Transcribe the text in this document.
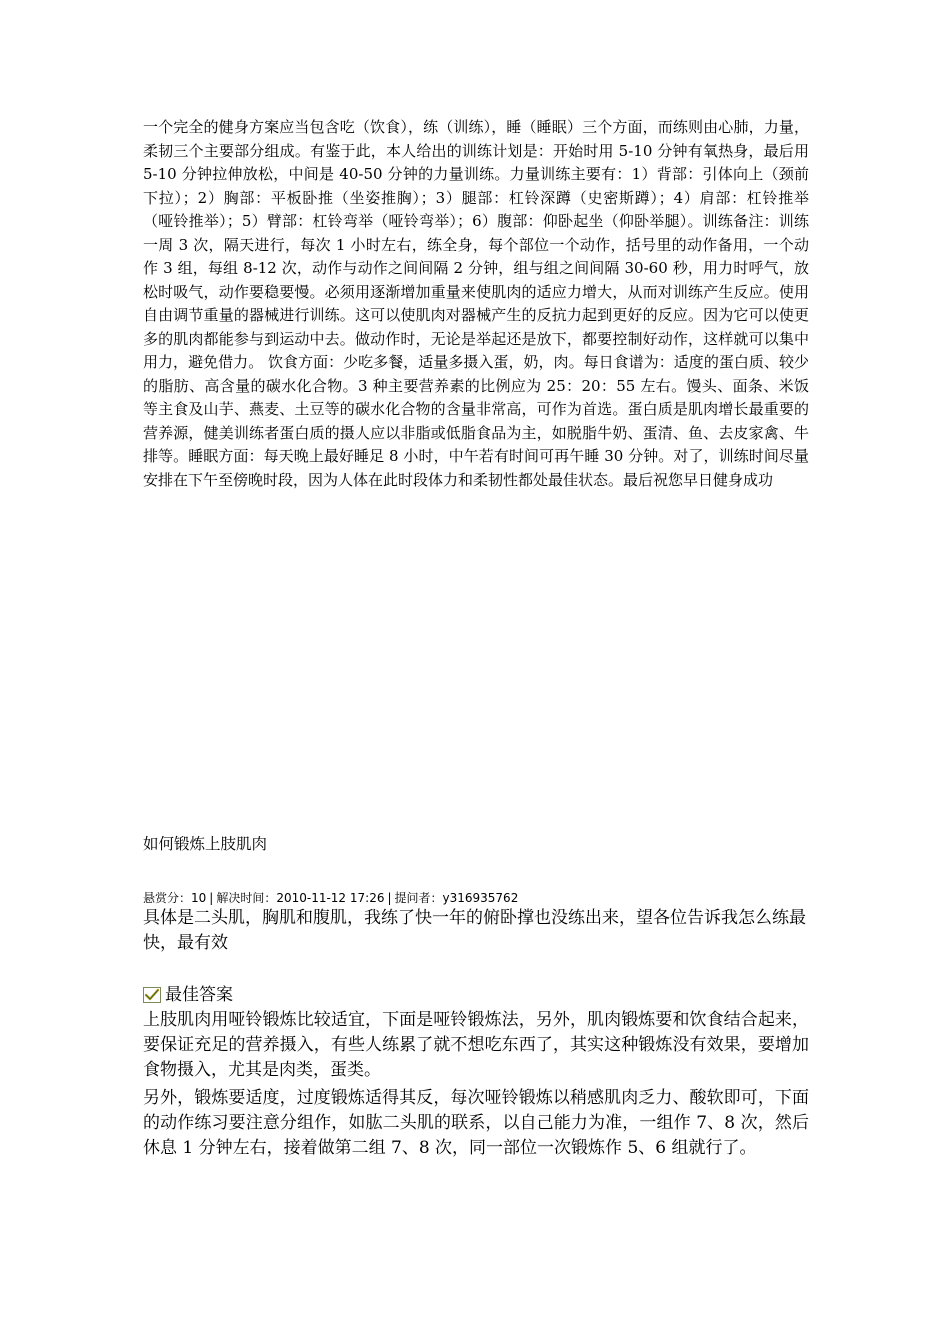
一个完全的健身方案应当包含吃（饮食），练（训练），睡（睡眠）三个方面，而练则由心肺，力量，柔韧三个主要部分组成。有鉴于此，本人给出的训练计划是：开始时用 5-10 分钟有氧热身，最后用 5-10 分钟拉伸放松，中间是 40-50 分钟的力量训练。力量训练主要有：1）背部：引体向上（颈前下拉）；2）胸部：平板卧推（坐姿推胸）；3）腿部：杠铃深蹲（史密斯蹲）；4）肩部：杠铃推举（哑铃推举）；5）臂部：杠铃弯举（哑铃弯举）；6）腹部：仰卧起坐（仰卧举腿）。训练备注：训练一周 3 次，隔天进行，每次 1 小时左右，练全身，每个部位一个动作，括号里的动作备用，一个动作 3 组，每组 8-12 次，动作与动作之间间隔 2 分钟，组与组之间间隔 30-60 秒，用力时呼气，放松时吸气，动作要稳要慢。必须用逐渐增加重量来使肌肉的适应力增大，从而对训练产生反应。使用自由调节重量的器械进行训练。这可以使肌肉对器械产生的反抗力起到更好的反应。因为它可以使更多的肌肉都能参与到运动中去。做动作时，无论是举起还是放下，都要控制好动作，这样就可以集中用力，避免借力。 饮食方面：少吃多餐，适量多摄入蛋，奶，肉。每日食谱为：适度的蛋白质、较少的脂肪、高含量的碳水化合物。3 种主要营养素的比例应为 25：20：55 左右。馒头、面条、米饭等主食及山芋、燕麦、土豆等的碳水化合物的含量非常高，可作为首选。蛋白质是肌肉增长最重要的营养源，健美训练者蛋白质的摄人应以非脂或低脂食品为主，如脱脂牛奶、蛋清、鱼、去皮家禽、牛排等。睡眠方面：每天晚上最好睡足 8 小时，中午若有时间可再午睡 30 分钟。对了，训练时间尽量安排在下午至傍晚时段，因为人体在此时段体力和柔韧性都处最佳状态。最后祝您早日健身成功

如何锻炼上肢肌肉

悬赏分：10 | 解决时间：2010-11-12 17:26 | 提问者：y316935762

具体是二头肌，胸肌和腹肌，我练了快一年的俯卧撑也没练出来，望各位告诉我怎么练最快，最有效

最佳答案

上肢肌肉用哑铃锻炼比较适宜，下面是哑铃锻炼法，另外，肌肉锻炼要和饮食结合起来，要保证充足的营养摄入，有些人练累了就不想吃东西了，其实这种锻炼没有效果，要增加食物摄入，尤其是肉类，蛋类。

另外，锻炼要适度，过度锻炼适得其反，每次哑铃锻炼以稍感肌肉乏力、酸软即可，下面的动作练习要注意分组作，如肱二头肌的联系，以自己能力为准，一组作 7、8 次，然后休息 1 分钟左右，接着做第二组 7、8 次，同一部位一次锻炼作 5、6 组就行了。
